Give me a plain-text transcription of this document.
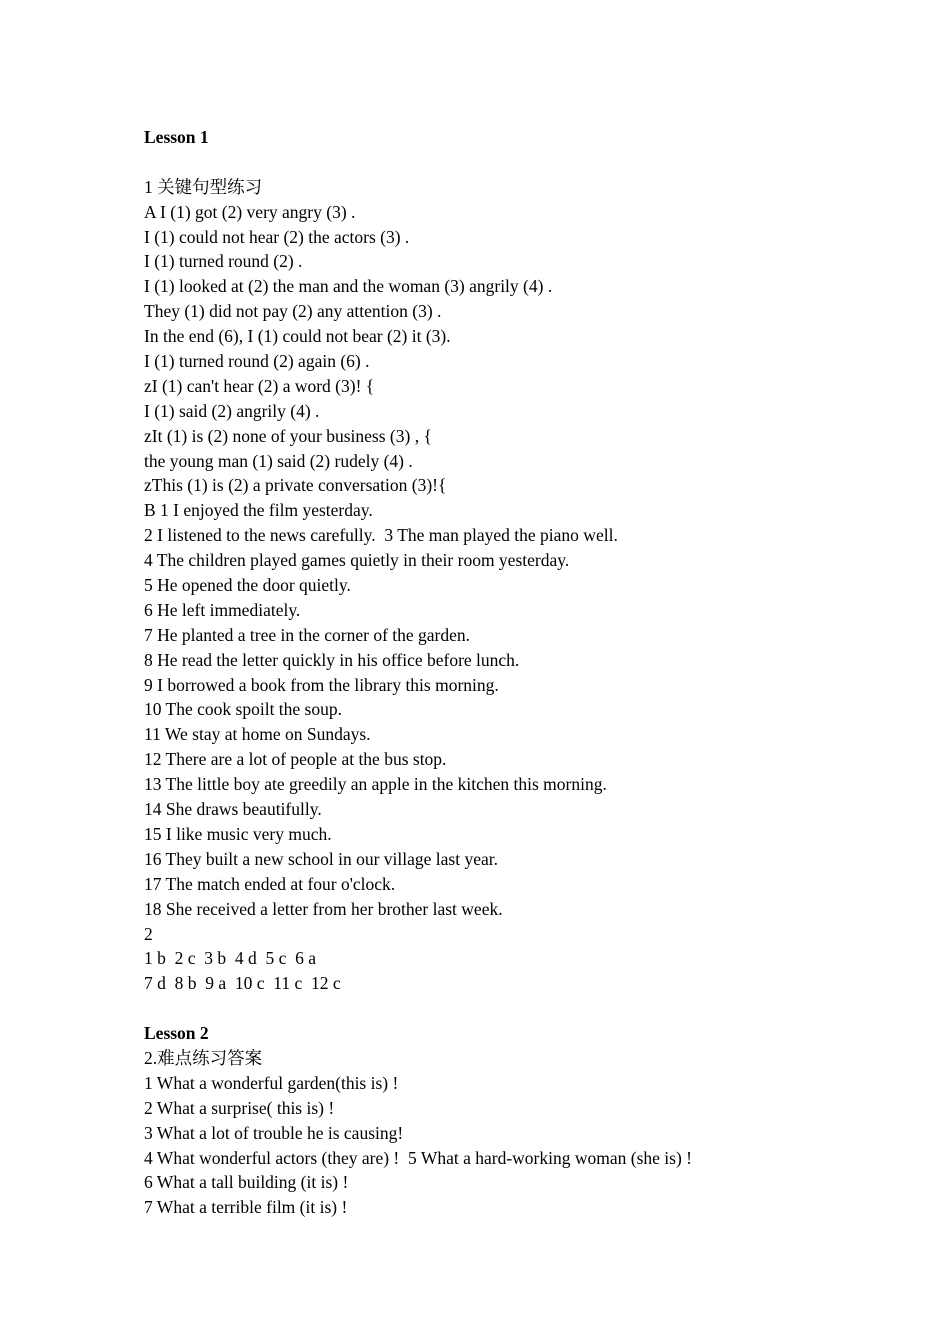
Lesson 1
1 关键句型练习
A I (1) got (2) very angry (3) .
I (1) could not hear (2) the actors (3) .
I (1) turned round (2) .
I (1) looked at (2) the man and the woman (3) angrily (4) .
They (1) did not pay (2) any attention (3) .
In the end (6), I (1) could not bear (2) it (3).
I (1) turned round (2) again (6) .
zI (1) can't hear (2) a word (3)! {
I (1) said (2) angrily (4) .
zIt (1) is (2) none of your business (3) , {
the young man (1) said (2) rudely (4) .
zThis (1) is (2) a private conversation (3)!{
B 1 I enjoyed the film yesterday.
2 I listened to the news carefully.  3 The man played the piano well.
4 The children played games quietly in their room yesterday.
5 He opened the door quietly.
6 He left immediately.
7 He planted a tree in the corner of the garden.
8 He read the letter quickly in his office before lunch.
9 I borrowed a book from the library this morning.
10 The cook spoilt the soup.
11 We stay at home on Sundays.
12 There are a lot of people at the bus stop.
13 The little boy ate greedily an apple in the kitchen this morning.
14 She draws beautifully.
15 I like music very much.
16 They built a new school in our village last year.
17 The match ended at four o'clock.
18 She received a letter from her brother last week.
2
1 b  2 c  3 b  4 d  5 c  6 a
7 d  8 b  9 a  10 c  11 c  12 c
Lesson 2
2.难点练习答案
1 What a wonderful garden(this is) !
2 What a surprise( this is) !
3 What a lot of trouble he is causing!
4 What wonderful actors (they are) !  5 What a hard-working woman (she is) !
6 What a tall building (it is) !
7 What a terrible film (it is) !
